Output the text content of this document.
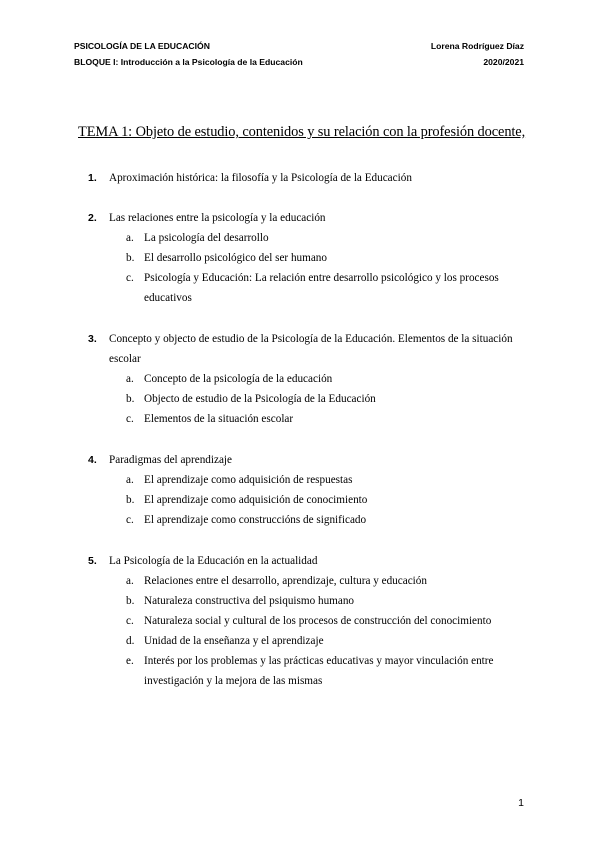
PSICOLOGÍA DE LA EDUCACIÓN
BLOQUE I: Introducción a la Psicología de la Educación
Lorena Rodríguez Díaz
2020/2021
TEMA 1: Objeto de estudio, contenidos y su relación con la profesión docente,
1.	Aproximación histórica: la filosofía y la Psicología de la Educación
2.	Las relaciones entre la psicología y la educación
a. La psicología del desarrollo
b. El desarrollo psicológico del ser humano
c. Psicología y Educación: La relación entre desarrollo psicológico y los procesos educativos
3.	Concepto y objecto de estudio de la Psicología de la Educación. Elementos de la situación escolar
a. Concepto de la psicología de la educación
b. Objecto de estudio de la Psicología de la Educación
c. Elementos de la situación escolar
4.	Paradigmas del aprendizaje
a. El aprendizaje como adquisición de respuestas
b. El aprendizaje como adquisición de conocimiento
c. El aprendizaje como construccións de significado
5.	La Psicología de la Educación en la actualidad
a. Relaciones entre el desarrollo, aprendizaje, cultura y educación
b. Naturaleza constructiva del psiquismo humano
c. Naturaleza social y cultural de los procesos de construcción del conocimiento
d. Unidad de la enseñanza y el aprendizaje
e. Interés por los problemas y las prácticas educativas y mayor vinculación entre investigación y la mejora de las mismas
1
